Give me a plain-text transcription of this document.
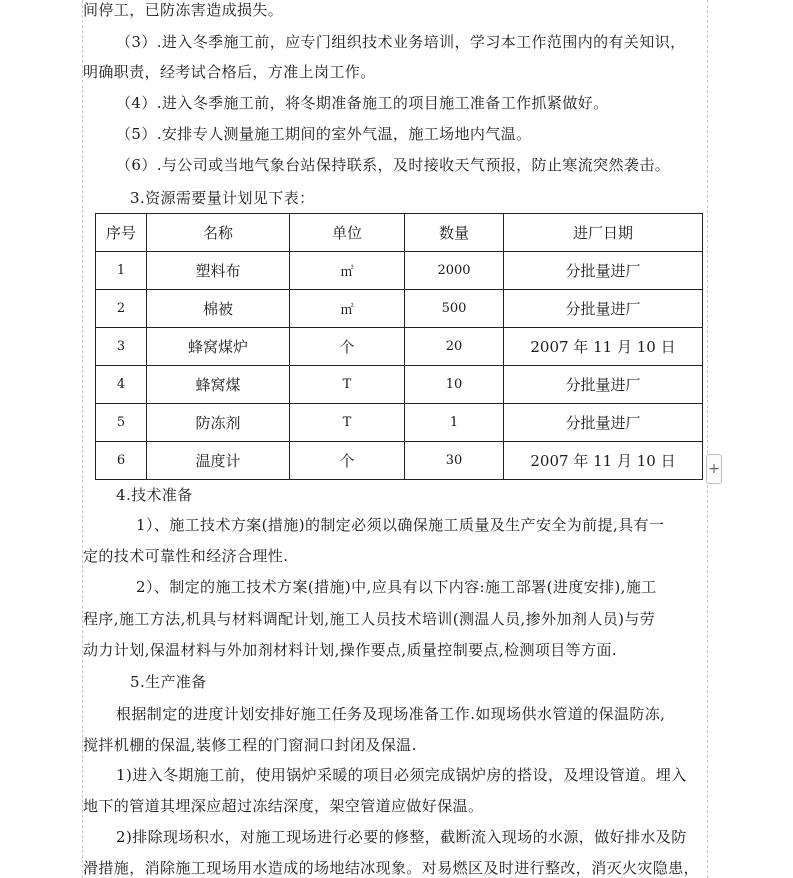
间停工，已防冻害造成损失。
（3）.进入冬季施工前，应专门组织技术业务培训，学习本工作范围内的有关知识，
明确职责，经考试合格后，方准上岗工作。
（4）.进入冬季施工前，将冬期准备施工的项目施工准备工作抓紧做好。
（5）.安排专人测量施工期间的室外气温，施工场地内气温。
（6）.与公司或当地气象台站保持联系，及时接收天气预报，防止寒流突然袭击。
3.资源需要量计划见下表：
4.技术准备
1）、施工技术方案(措施)的制定必须以确保施工质量及生产安全为前提,具有一
定的技术可靠性和经济合理性.
2）、制定的施工技术方案(措施)中,应具有以下内容:施工部署(进度安排),施工
程序,施工方法,机具与材料调配计划,施工人员技术培训(测温人员,掺外加剂人员)与劳
动力计划,保温材料与外加剂材料计划,操作要点,质量控制要点,检测项目等方面.
5.生产准备
根据制定的进度计划安排好施工任务及现场准备工作.如现场供水管道的保温防冻,
搅拌机棚的保温,装修工程的门窗洞口封闭及保温.
1)进入冬期施工前，使用锅炉采暖的项目必须完成锅炉房的搭设，及埋设管道。埋入
地下的管道其埋深应超过冻结深度，架空管道应做好保温。
2)排除现场积水，对施工现场进行必要的修整，截断流入现场的水源，做好排水及防
滑措施，消除施工现场用水造成的场地结冰现象。对易燃区及时进行整改，消灭火灾隐患，
序号	名称	单位	数量	进厂日期
1	塑料布	㎡	2000	分批量进厂
2	棉被	㎡	500	分批量进厂
3	蜂窝煤炉	个	20	2007 年 11 月 10 日
4	蜂窝煤	T	10	分批量进厂
5	防冻剂	T	1	分批量进厂
6	温度计	个	30	2007 年 11 月 10 日 +
